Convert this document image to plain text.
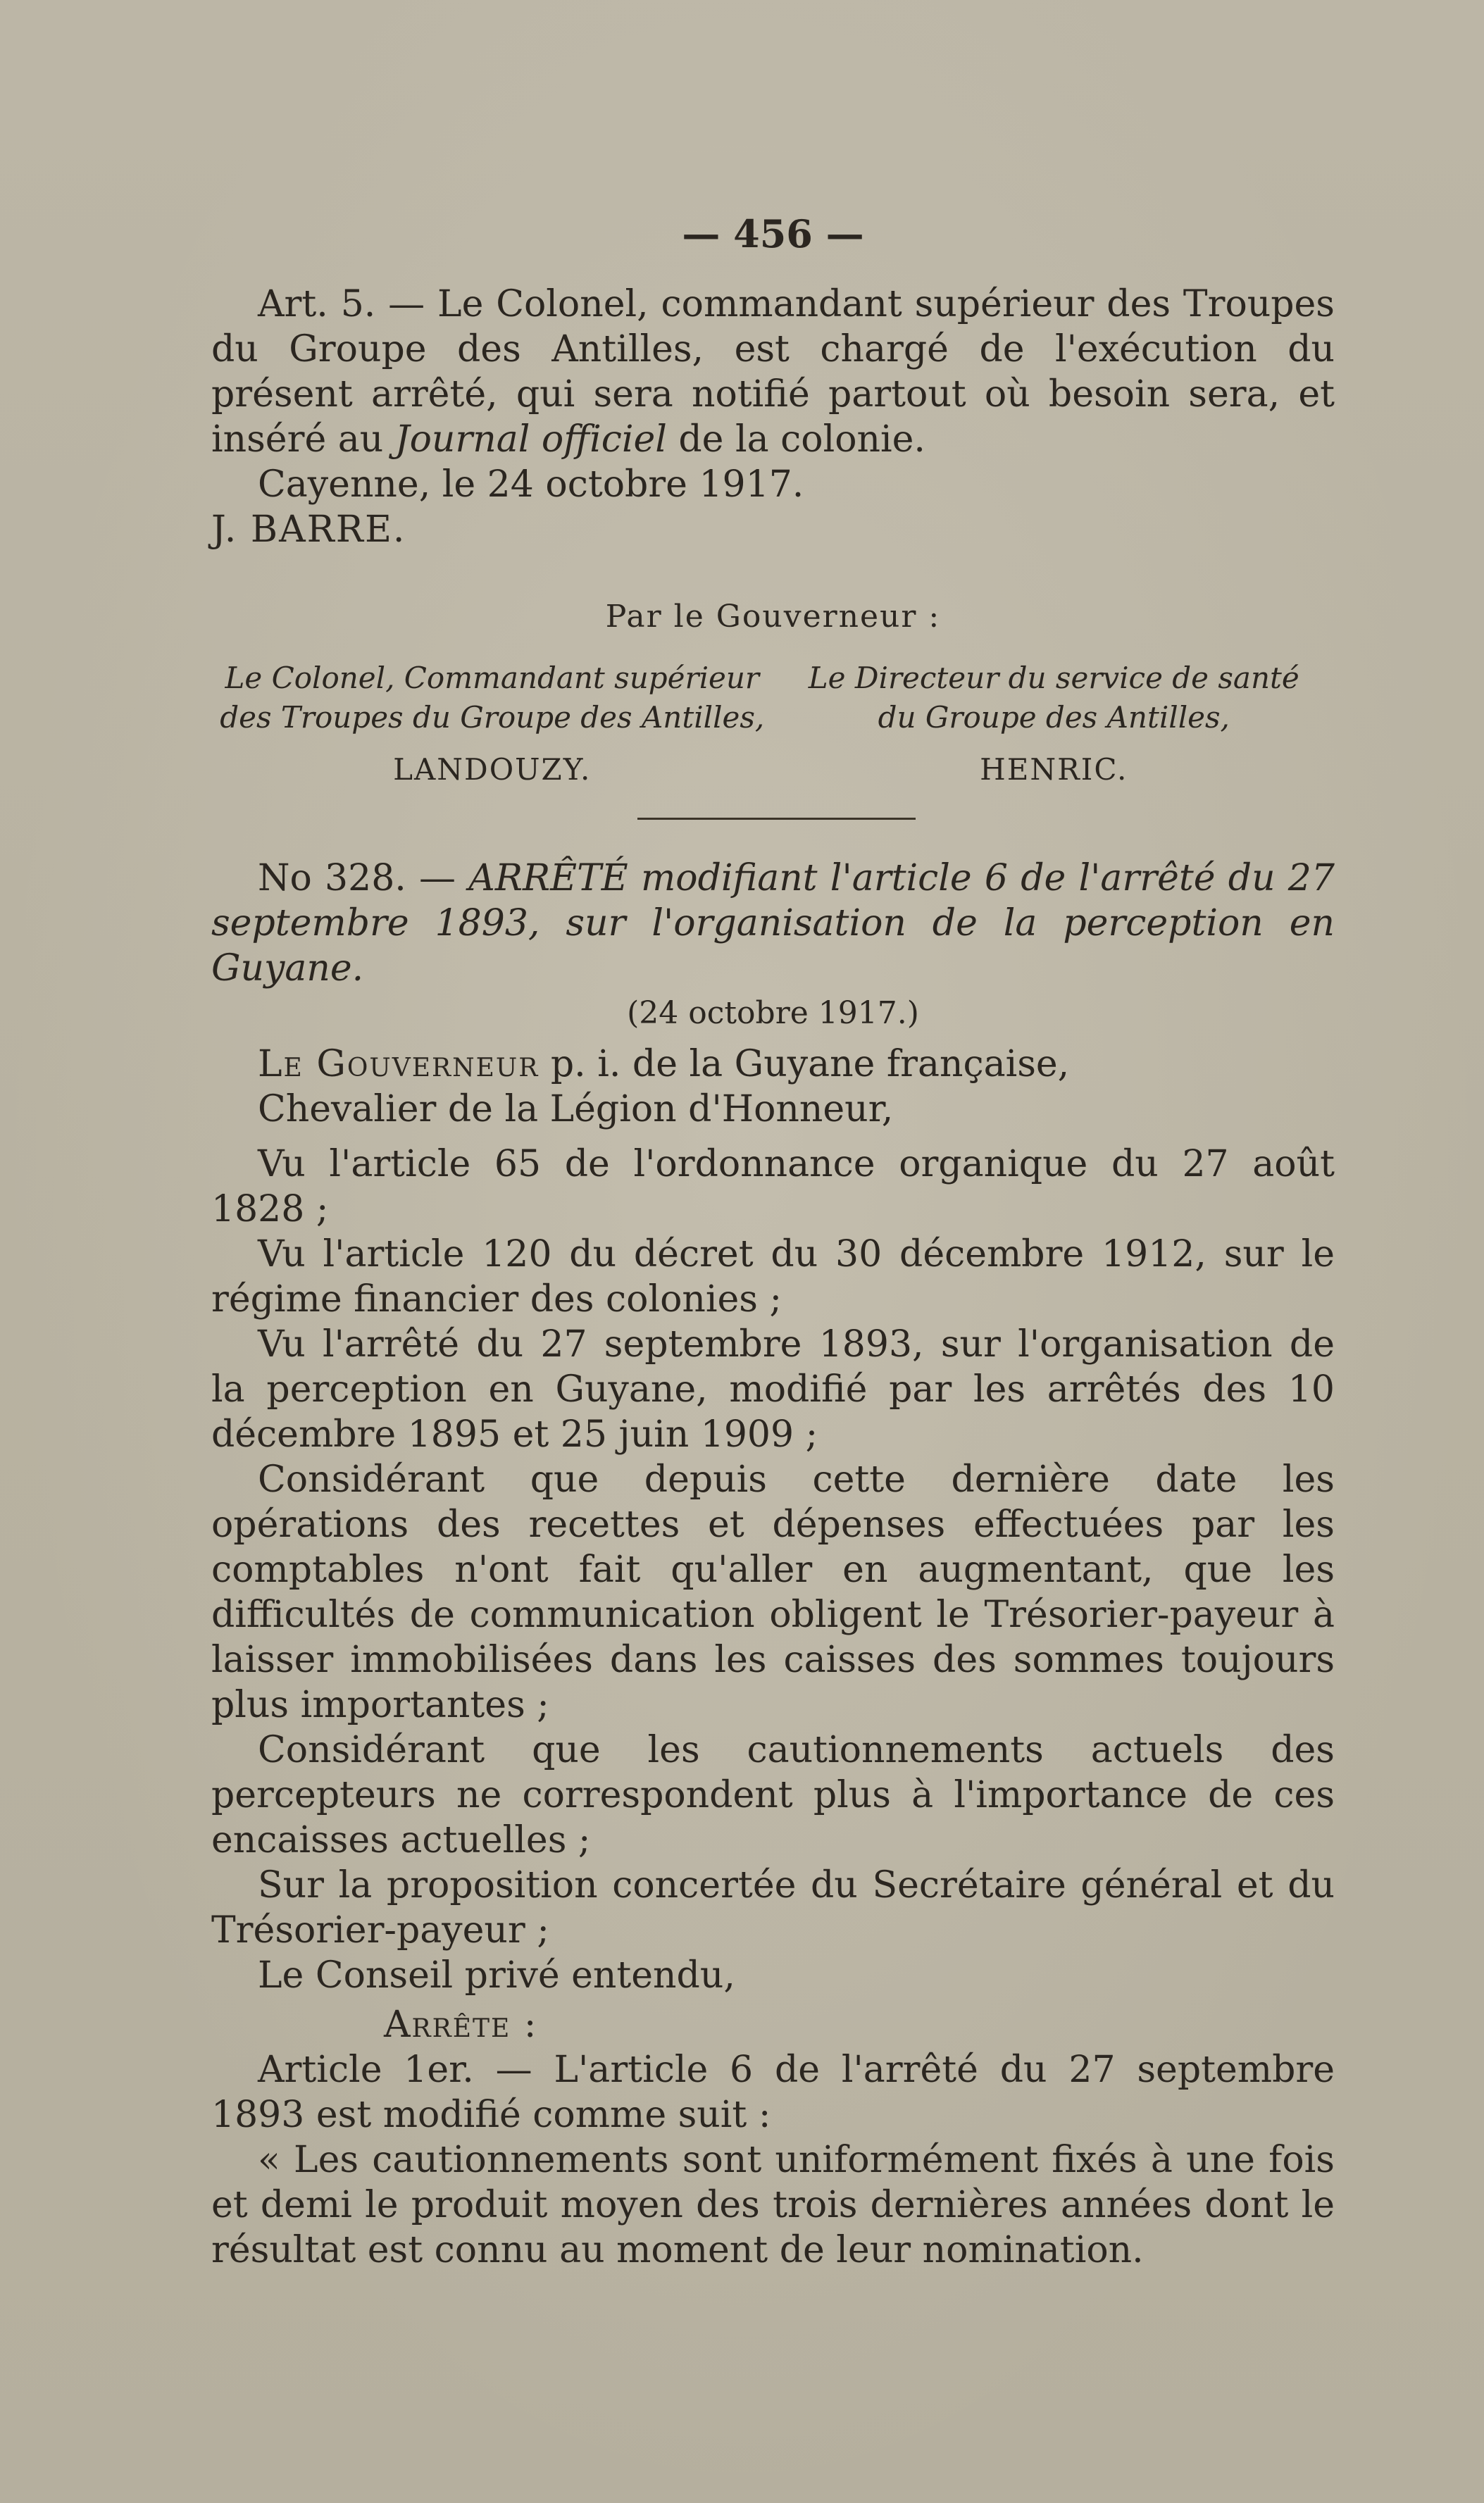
— 456 —

Art. 5. — Le Colonel, commandant supérieur des Troupes du Groupe des Antilles, est chargé de l'exécution du présent arrêté, qui sera notifié partout où besoin sera, et inséré au Journal officiel de la colonie.

Cayenne, le 24 octobre 1917.

J. BARRE.

Par le Gouverneur :

Le Colonel, Commandant supérieur
des Troupes du Groupe des Antilles,
LANDOUZY.
Le Directeur du service de santé
du Groupe des Antilles,
HENRIC.

No 328. — ARRÊTÉ modifiant l'article 6 de l'arrêté du 27 septembre 1893, sur l'organisation de la perception en Guyane.

(24 octobre 1917.)

Le Gouverneur p. i. de la Guyane française,

Chevalier de la Légion d'Honneur,

Vu l'article 65 de l'ordonnance organique du 27 août 1828 ;

Vu l'article 120 du décret du 30 décembre 1912, sur le régime financier des colonies ;

Vu l'arrêté du 27 septembre 1893, sur l'organisation de la perception en Guyane, modifié par les arrêtés des 10 décembre 1895 et 25 juin 1909 ;

Considérant que depuis cette dernière date les opérations des recettes et dépenses effectuées par les comptables n'ont fait qu'aller en augmentant, que les difficultés de communication obligent le Trésorier-payeur à laisser immobilisées dans les caisses des sommes toujours plus importantes ;

Considérant que les cautionnements actuels des percepteurs ne correspondent plus à l'importance de ces encaisses actuelles ;

Sur la proposition concertée du Secrétaire général et du Trésorier-payeur ;

Le Conseil privé entendu,

Arrête :

Article 1er. — L'article 6 de l'arrêté du 27 septembre 1893 est modifié comme suit :

« Les cautionnements sont uniformément fixés à une fois et demi le produit moyen des trois dernières années dont le résultat est connu au moment de leur nomination.
